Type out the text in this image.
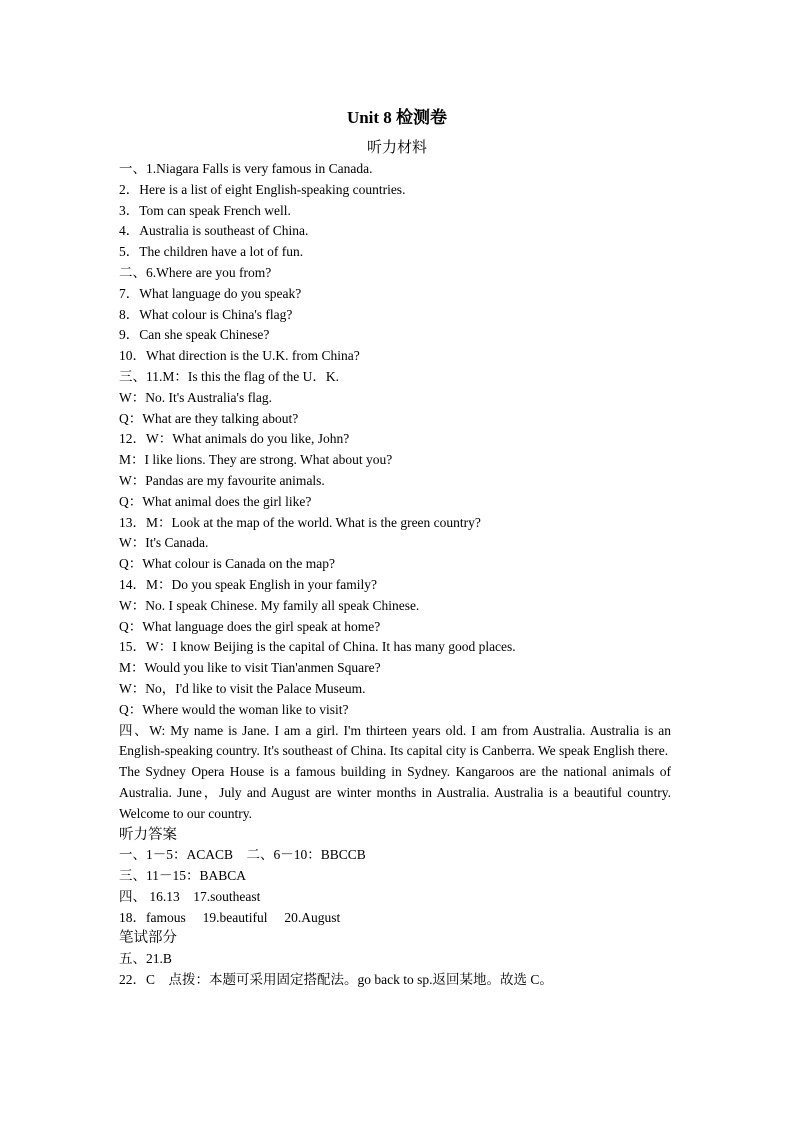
Unit 8 检测卷
听力材料
一、1.Niagara Falls is very famous in Canada.
2．Here is a list of eight English-speaking countries.
3．Tom can speak French well.
4．Australia is southeast of China.
5．The children have a lot of fun.
二、6.Where are you from?
7．What language do you speak?
8．What colour is China's flag?
9．Can she speak Chinese?
10．What direction is the U.K. from China?
三、11.M：Is this the flag of the U．K.
W：No. It's Australia's flag.
Q：What are they talking about?
12．W：What animals do you like, John?
M：I like lions. They are strong. What about you?
W：Pandas are my favourite animals.
Q：What animal does the girl like?
13．M：Look at the map of the world. What is the green country?
W：It's Canada.
Q：What colour is Canada on the map?
14．M：Do you speak English in your family?
W：No. I speak Chinese. My family all speak Chinese.
Q：What language does the girl speak at home?
15．W：I know Beijing is the capital of China. It has many good places.
M：Would you like to visit Tian'anmen Square?
W：No，I'd like to visit the Palace Museum.
Q：Where would the woman like to visit?
四、W: My name is Jane. I am a girl. I'm thirteen years old. I am from Australia. Australia is an English-speaking country. It's southeast of China. Its capital city is Canberra. We speak English there.
The Sydney Opera House is a famous building in Sydney. Kangaroos are the national animals of Australia. June，July and August are winter months in Australia. Australia is a beautiful country. Welcome to our country.
听力答案
一、1－5：ACACB　二、6－10：BBCCB
三、11－15：BABCA
四、 16.13　17.southeast
18．famous　 19.beautiful　 20.August
笔试部分
五、21.B
22．C　点拨：本题可采用固定搭配法。go back to sp.返回某地。故选 C。
